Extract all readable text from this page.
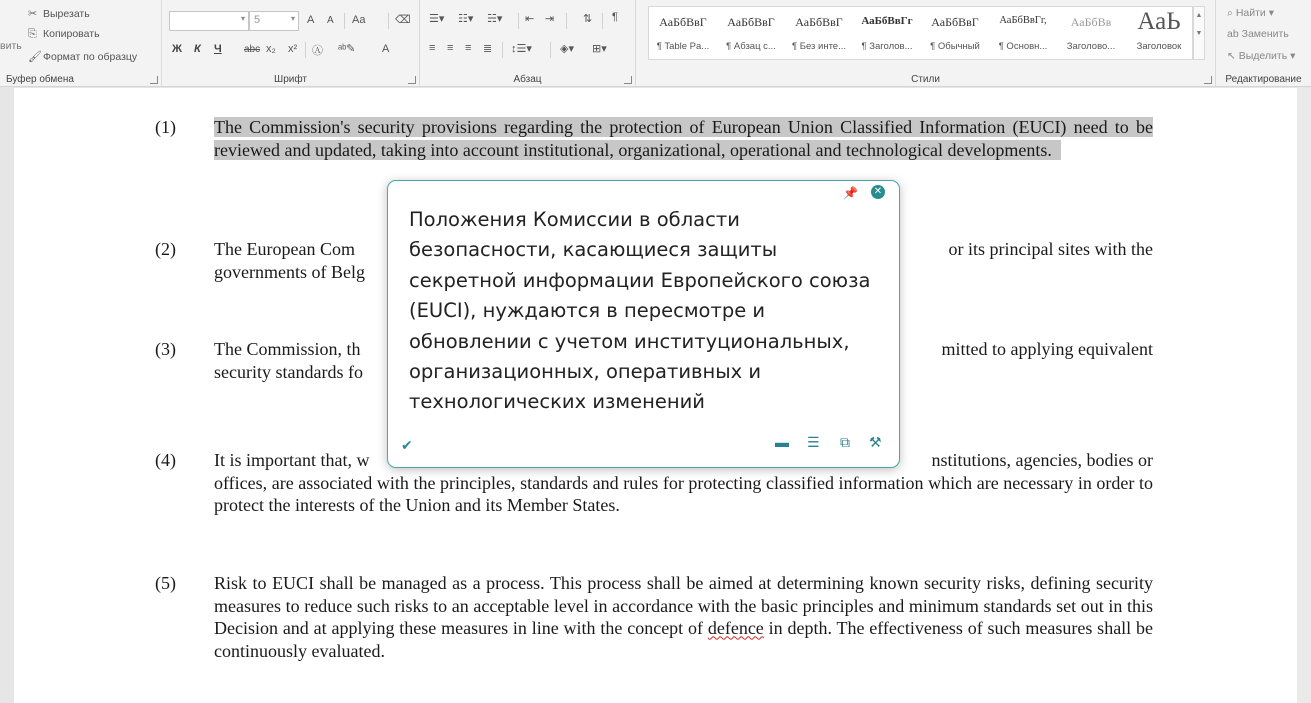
вить
✂ Вырезать
⎘ Копировать
🖌Формат по образцу
Буфер обмена
▾ 5	▾ A A Aa	⌫
Ж К Ч abc x₂ x² Ⓐ ᵃᵇ✎ A
Шрифт
☰▾ ☷▾ ☵▾ ⇤ ⇥	⇅ ¶
≡ ≡ ≡ ≣ ↕☰▾	◈▾ ⊞▾
Абзац	Стили
АаБбВвГ
¶ Table Pa...
АаБбВвГ
¶ Абзац с...
АаБбВвГ
¶ Без инте...
АаБбВвГг
¶ Заголов...
АаБбВвГ
¶ Обычный
АаБбВвГг,
¶ Основн...
АаБбВв
Заголово...
АаЬ
Заголовок
▲
▼
Редактирование
⌕ Найти ▾
ab Заменить
↖ Выделить ▾
(1) The Commission's security provisions regarding the protection of European Union Classified Information (EUCI) need to be reviewed and updated, taking into account institutional, organizational, operational and technological developments.
(2) The European Com	or its principal sites with the
governments of Belg
(3) The Commission, th	mitted to applying equivalent
security standards fo
(4) It is important that, w	nstitutions, agencies, bodies or
offices, are associated with the principles, standards and rules for protecting classified information which are necessary in order to protect the interests of the Union and its Member States.
(5) Risk to EUCI shall be managed as a process. This process shall be aimed at determining known security risks, defining security measures to reduce such risks to an acceptable level in accordance with the basic principles and minimum standards set out in this Decision and at applying these measures in line with the concept of defence in depth. The effectiveness of such measures shall be continuously evaluated.
📌 ✕
Положения Комиссии в области безопасности, касающиеся защиты секретной информации Европейского союза (EUCI), нуждаются в пересмотре и обновлении с учетом институциональных, организационных, оперативных и технологических изменений
✔	▬ ☰ ⧉ ⚒
